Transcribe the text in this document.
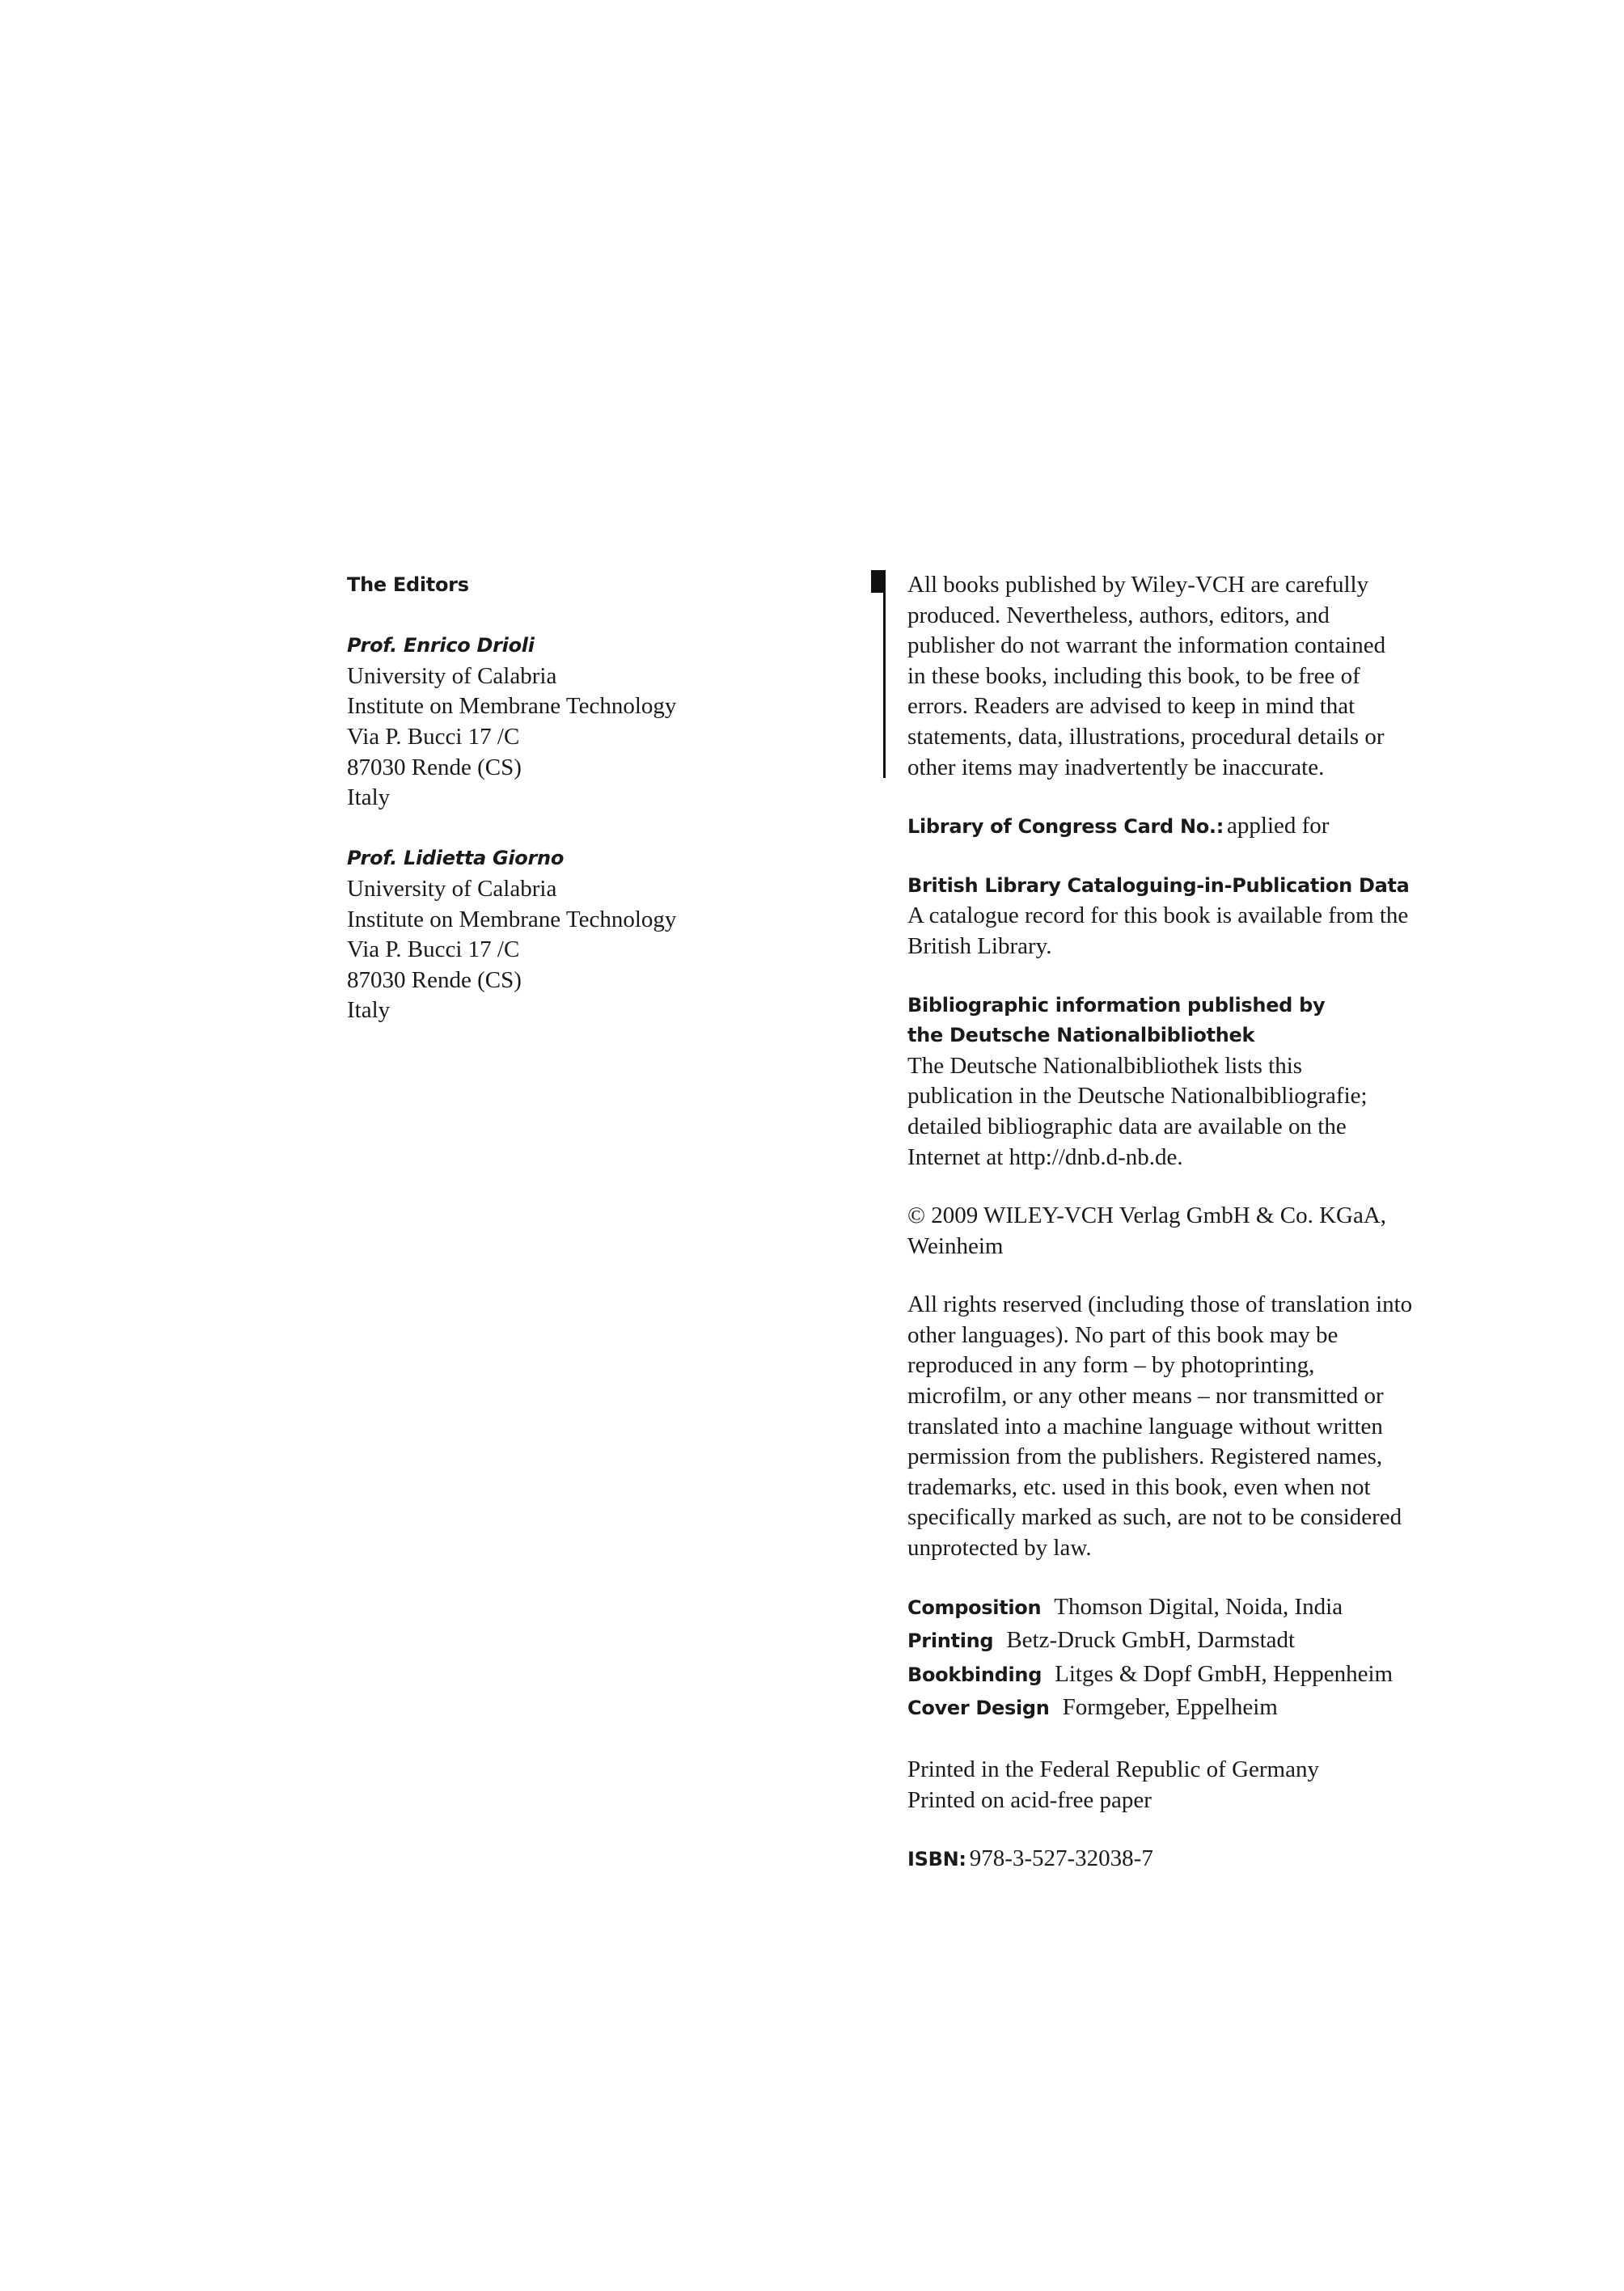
The Editors
Prof. Enrico Drioli
University of Calabria
Institute on Membrane Technology
Via P. Bucci 17 /C
87030 Rende (CS)
Italy
Prof. Lidietta Giorno
University of Calabria
Institute on Membrane Technology
Via P. Bucci 17 /C
87030 Rende (CS)
Italy
All books published by Wiley-VCH are carefully
produced. Nevertheless, authors, editors, and
publisher do not warrant the information contained
in these books, including this book, to be free of
errors. Readers are advised to keep in mind that
statements, data, illustrations, procedural details or
other items may inadvertently be inaccurate.
Library of Congress Card No.: applied for
British Library Cataloguing-in-Publication Data
A catalogue record for this book is available from the
British Library.
Bibliographic information published by
the Deutsche Nationalbibliothek
The Deutsche Nationalbibliothek lists this
publication in the Deutsche Nationalbibliografie;
detailed bibliographic data are available on the
Internet at http://dnb.d-nb.de.
© 2009 WILEY-VCH Verlag GmbH & Co. KGaA,
Weinheim
All rights reserved (including those of translation into
other languages). No part of this book may be
reproduced in any form – by photoprinting,
microfilm, or any other means – nor transmitted or
translated into a machine language without written
permission from the publishers. Registered names,
trademarks, etc. used in this book, even when not
specifically marked as such, are not to be considered
unprotected by law.
Composition Thomson Digital, Noida, India
Printing Betz-Druck GmbH, Darmstadt
Bookbinding Litges & Dopf GmbH, Heppenheim
Cover Design Formgeber, Eppelheim
Printed in the Federal Republic of Germany
Printed on acid-free paper
ISBN: 978-3-527-32038-7
